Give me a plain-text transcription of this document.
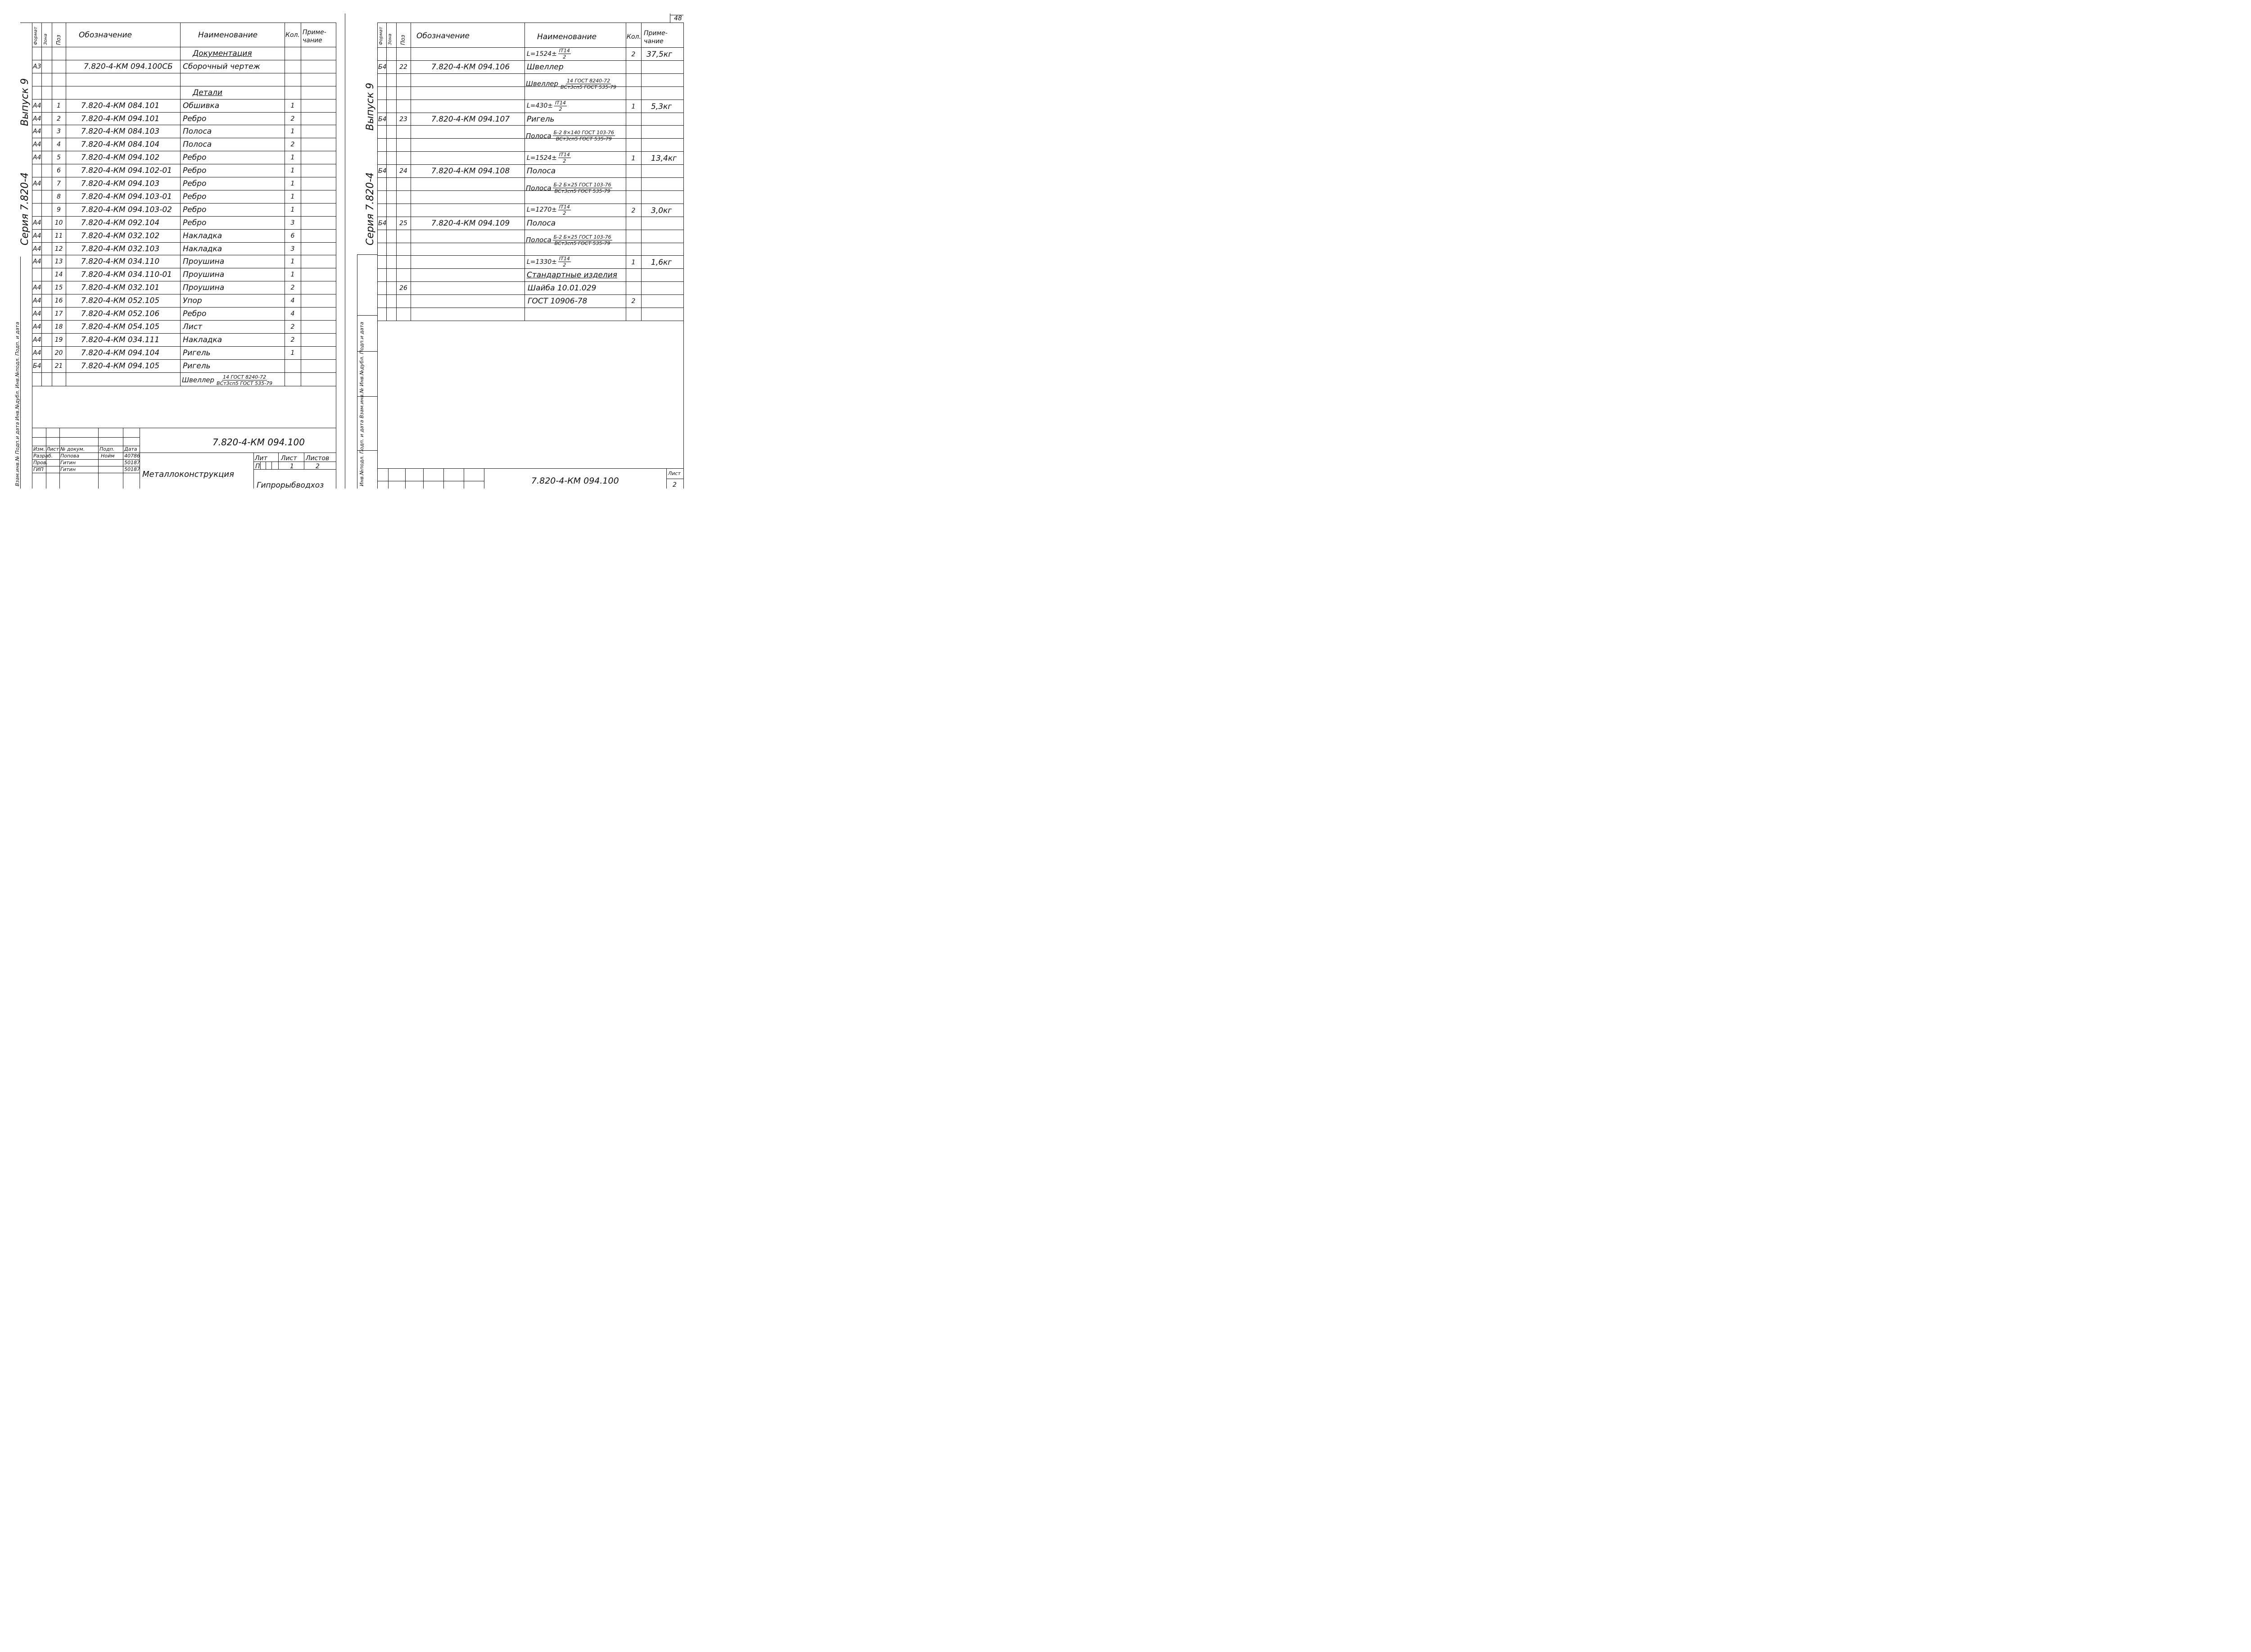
Формат Зона Поз Обозначение	Наименование	Кол. Приме-
чание
Документация
А3	7.820-4-КМ 094.100СБ Сборочный чертеж
Детали
А4	1	7.820-4-КМ 084.101	Обшивка	1
А4	2	7.820-4-КМ 094.101	Ребро	2
А4	3	7.820-4-КМ 084.103	Полоса	1
А4	4	7.820-4-КМ 084.104	Полоса	2
А4	5	7.820-4-КМ 094.102	Ребро	1
6	7.820-4-КМ 094.102-01 Ребро	1
А4	7	7.820-4-КМ 094.103	Ребро	1
8	7.820-4-КМ 094.103-01 Ребро	1
9	7.820-4-КМ 094.103-02 Ребро	1
А4	10	7.820-4-КМ 092.104	Ребро	3
А4	11	7.820-4-КМ 032.102	Накладка	6
А4	12	7.820-4-КМ 032.103	Накладка	3
А4	13	7.820-4-КМ 034.110	Проушина	1
14	7.820-4-КМ 034.110-01 Проушина	1
А4	15	7.820-4-КМ 032.101	Проушина	2
А4	16	7.820-4-КМ 052.105	Упор	4
А4	17	7.820-4-КМ 052.106	Ребро	4
А4	18	7.820-4-КМ 054.105	Лист	2
А4	19	7.820-4-КМ 034.111	Накладка	2
А4	20	7.820-4-КМ 094.104	Ригель	1
Б4	21	7.820-4-КМ 094.105	Ригель
Швеллер 14 ГОСТ 8240-72
ВСт3сп5 ГОСТ 535-79
Выпуск 9
Серия 7.820-4
Взам.инв.№ Подп.и дата Инв.№дубл. Инв.№подл. Подп. и дата	7.820-4-КМ 094.100
Изм. Лист № докум.	Подп. Дата
Разраб. Попова	Нойм 40786
Пров.	Гитин	50187
ГИП	Гитин	50187
Металлоконструкция
Лит Лист Листов
П	1	2
Гипрорыбводхоз
48
Формат Зона Поз Обозначение	Наименование	Кол. Приме-
чание
$L=1524\pm \frac{IT14}{2}$	2	37,5кг
Б4	22	7.820-4-КМ 094.106 Швеллер
Швеллер 14 ГОСТ 8240-72
ВСт3сп5 ГОСТ 535-79
$L=430\pm \frac{IT14}{2}$	1	5,3кг
Б4	23	7.820-4-КМ 094.107 Ригель
Полоса Б-2 8×140 ГОСТ 103-76
ВСт3сп5 ГОСТ 535-79
$L=1524\pm \frac{IT14}{2}$	1	13,4кг
Б4	24	7.820-4-КМ 094.108 Полоса
Полоса Б-2 Б×25 ГОСТ 103-76
ВСт3сп5 ГОСТ 535-79
$L=1270\pm \frac{IT14}{2}$	2	3,0кг
Б4	25	7.820-4-КМ 094.109 Полоса
Полоса Б-2 Б×25 ГОСТ 103-76
ВСт3сп5 ГОСТ 535-79
$L=1330\pm \frac{IT14}{2}$	1	1,6кг
Стандартные изделия
26	Шайба 10.01.029
ГОСТ 10906-78	2
Выпуск 9
Серия 7.820-4
Инв.№подл. Подп. и дата Взам.инв.№ Инв.№дубл. Подп.и дата	7.820-4-КМ 094.100
Лист
2
